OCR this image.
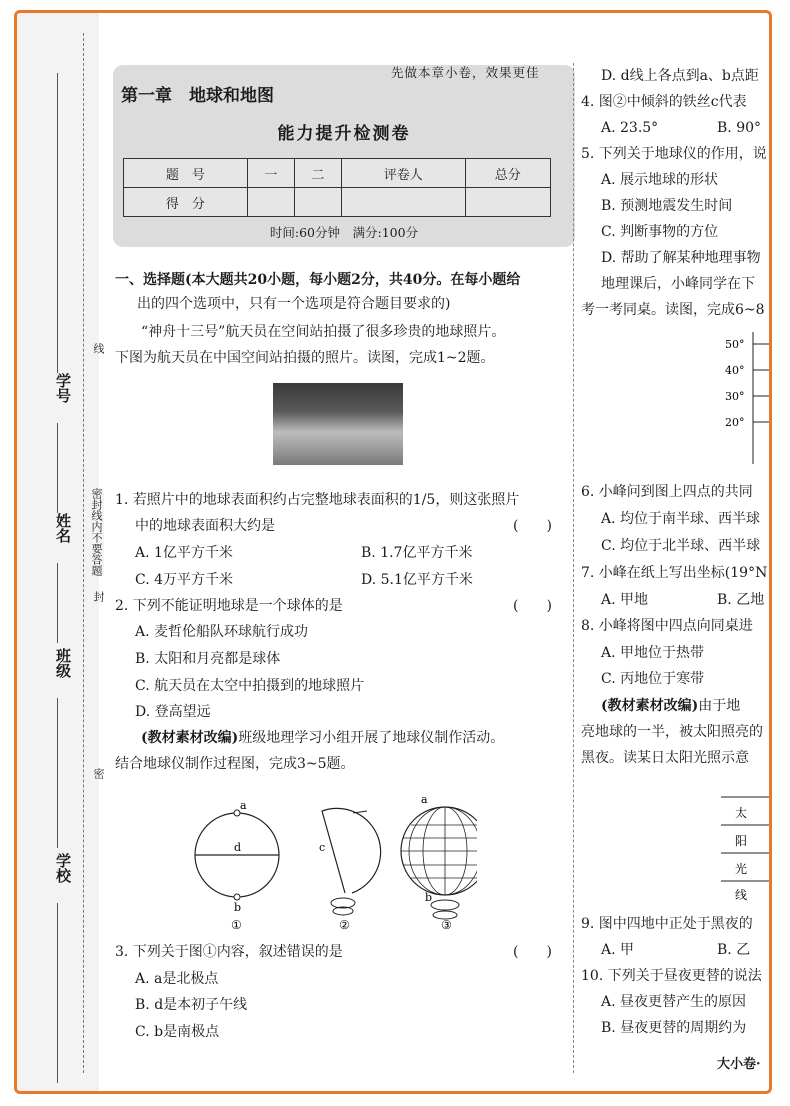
学号
姓名
班级
学校
线
密封线内不要答题
封
密
先做本章小卷，效果更佳
第一章　地球和地图
能力提升检测卷
题　号	一	二	评卷人	总分
得　分				
时间:60分钟　满分:100分
一、选择题(本大题共20小题，每小题2分，共40分。在每小题给
出的四个选项中，只有一个选项是符合题目要求的)
“神舟十三号”航天员在空间站拍摄了很多珍贵的地球照片。
下图为航天员在中国空间站拍摄的照片。读图，完成1~2题。
1. 若照片中的地球表面积约占完整地球表面积的1/5，则这张照片
中的地球表面积大约是	(　　)
A. 1亿平方千米	B. 1.7亿平方千米
C. 4万平方千米	D. 5.1亿平方千米
2. 下列不能证明地球是一个球体的是	(　　)
A. 麦哲伦船队环球航行成功
B. 太阳和月亮都是球体
C. 航天员在太空中拍摄到的地球照片
D. 登高望远
(教材素材改编)班级地理学习小组开展了地球仪制作活动。
结合地球仪制作过程图，完成3~5题。
a
d
b
①
c
②
a
b
③
3. 下列关于图①内容，叙述错误的是	(　　)
A. a是北极点
B. d是本初子午线
C. b是南极点
D. d线上各点到a、b点距
4. 图②中倾斜的铁丝c代表
A. 23.5°	B. 90°
5. 下列关于地球仪的作用，说
A. 展示地球的形状
B. 预测地震发生时间
C. 判断事物的方位
D. 帮助了解某种地理事物
地理课后，小峰同学在下
考一考同桌。读图，完成6~8
50°
40°
30°
20°
6. 小峰问到图上四点的共同
A. 均位于南半球、西半球
C. 均位于北半球、西半球
7. 小峰在纸上写出坐标(19°N
A. 甲地	B. 乙地
8. 小峰将图中四点向同桌进
A. 甲地位于热带
C. 丙地位于寒带
(教材素材改编)由于地
亮地球的一半，被太阳照亮的
黑夜。读某日太阳光照示意
太
阳
光
线
9. 图中四地中正处于黑夜的
A. 甲	B. 乙
10. 下列关于昼夜更替的说法
A. 昼夜更替产生的原因
B. 昼夜更替的周期约为
大小卷·
